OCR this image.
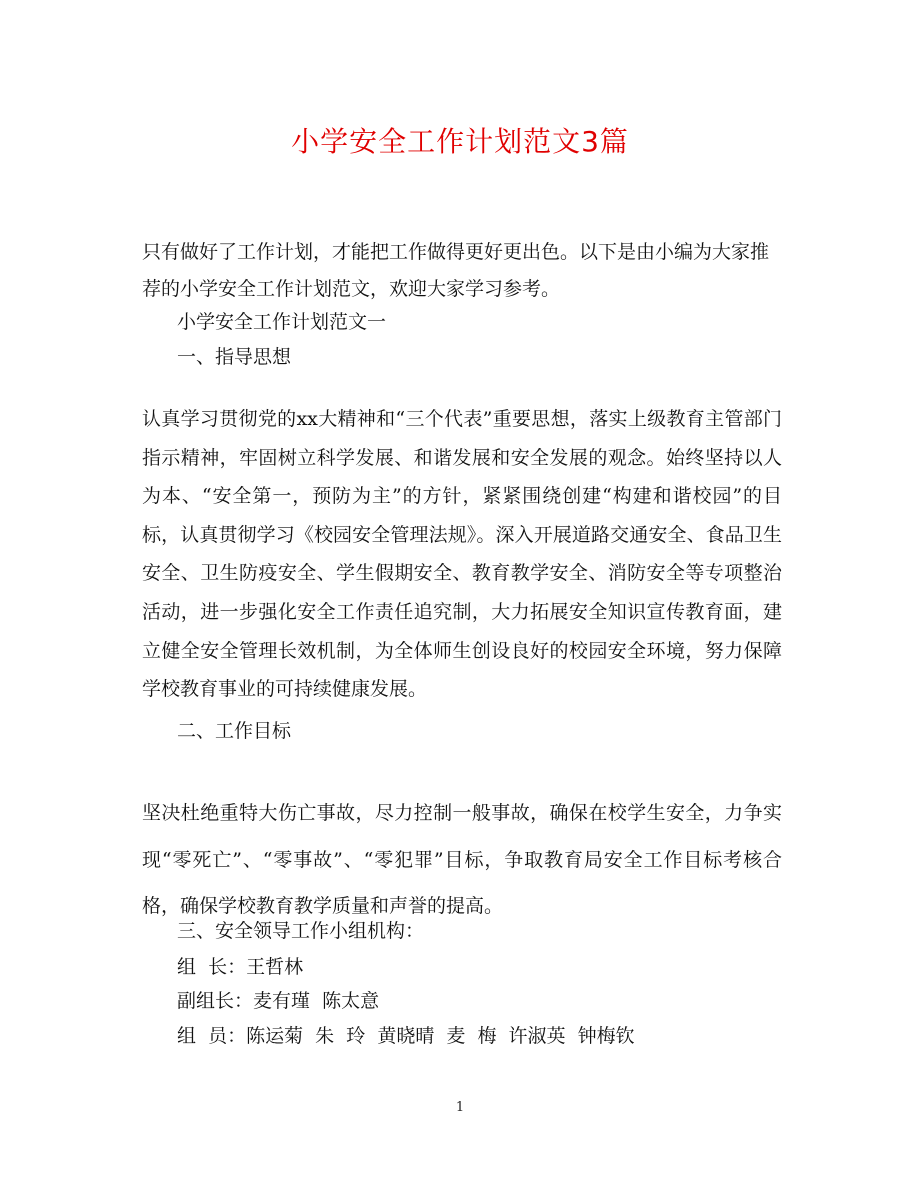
小学安全工作计划范文3篇

只有做好了工作计划，才能把工作做得更好更出色。以下是由小编为大家推荐的小学安全工作计划范文，欢迎大家学习参考。

小学安全工作计划范文一

一、指导思想

认真学习贯彻党的xx大精神和“三个代表”重要思想，落实上级教育主管部门指示精神，牢固树立科学发展、和谐发展和安全发展的观念。始终坚持以人为本、“安全第一，预防为主”的方针，紧紧围绕创建“构建和谐校园”的目标，认真贯彻学习《校园安全管理法规》。深入开展道路交通安全、食品卫生安全、卫生防疫安全、学生假期安全、教育教学安全、消防安全等专项整治活动，进一步强化安全工作责任追究制，大力拓展安全知识宣传教育面，建立健全安全管理长效机制，为全体师生创设良好的校园安全环境，努力保障学校教育事业的可持续健康发展。

二、工作目标

坚决杜绝重特大伤亡事故，尽力控制一般事故，确保在校学生安全，力争实现“零死亡”、“零事故”、“零犯罪”目标，争取教育局安全工作目标考核合格，确保学校教育教学质量和声誉的提高。

三、安全领导工作小组机构：

组  长：王哲林

副组长：麦有瑾  陈太意

组  员：陈运菊  朱  玲  黄晓晴  麦  梅  许淑英  钟梅钦

1
